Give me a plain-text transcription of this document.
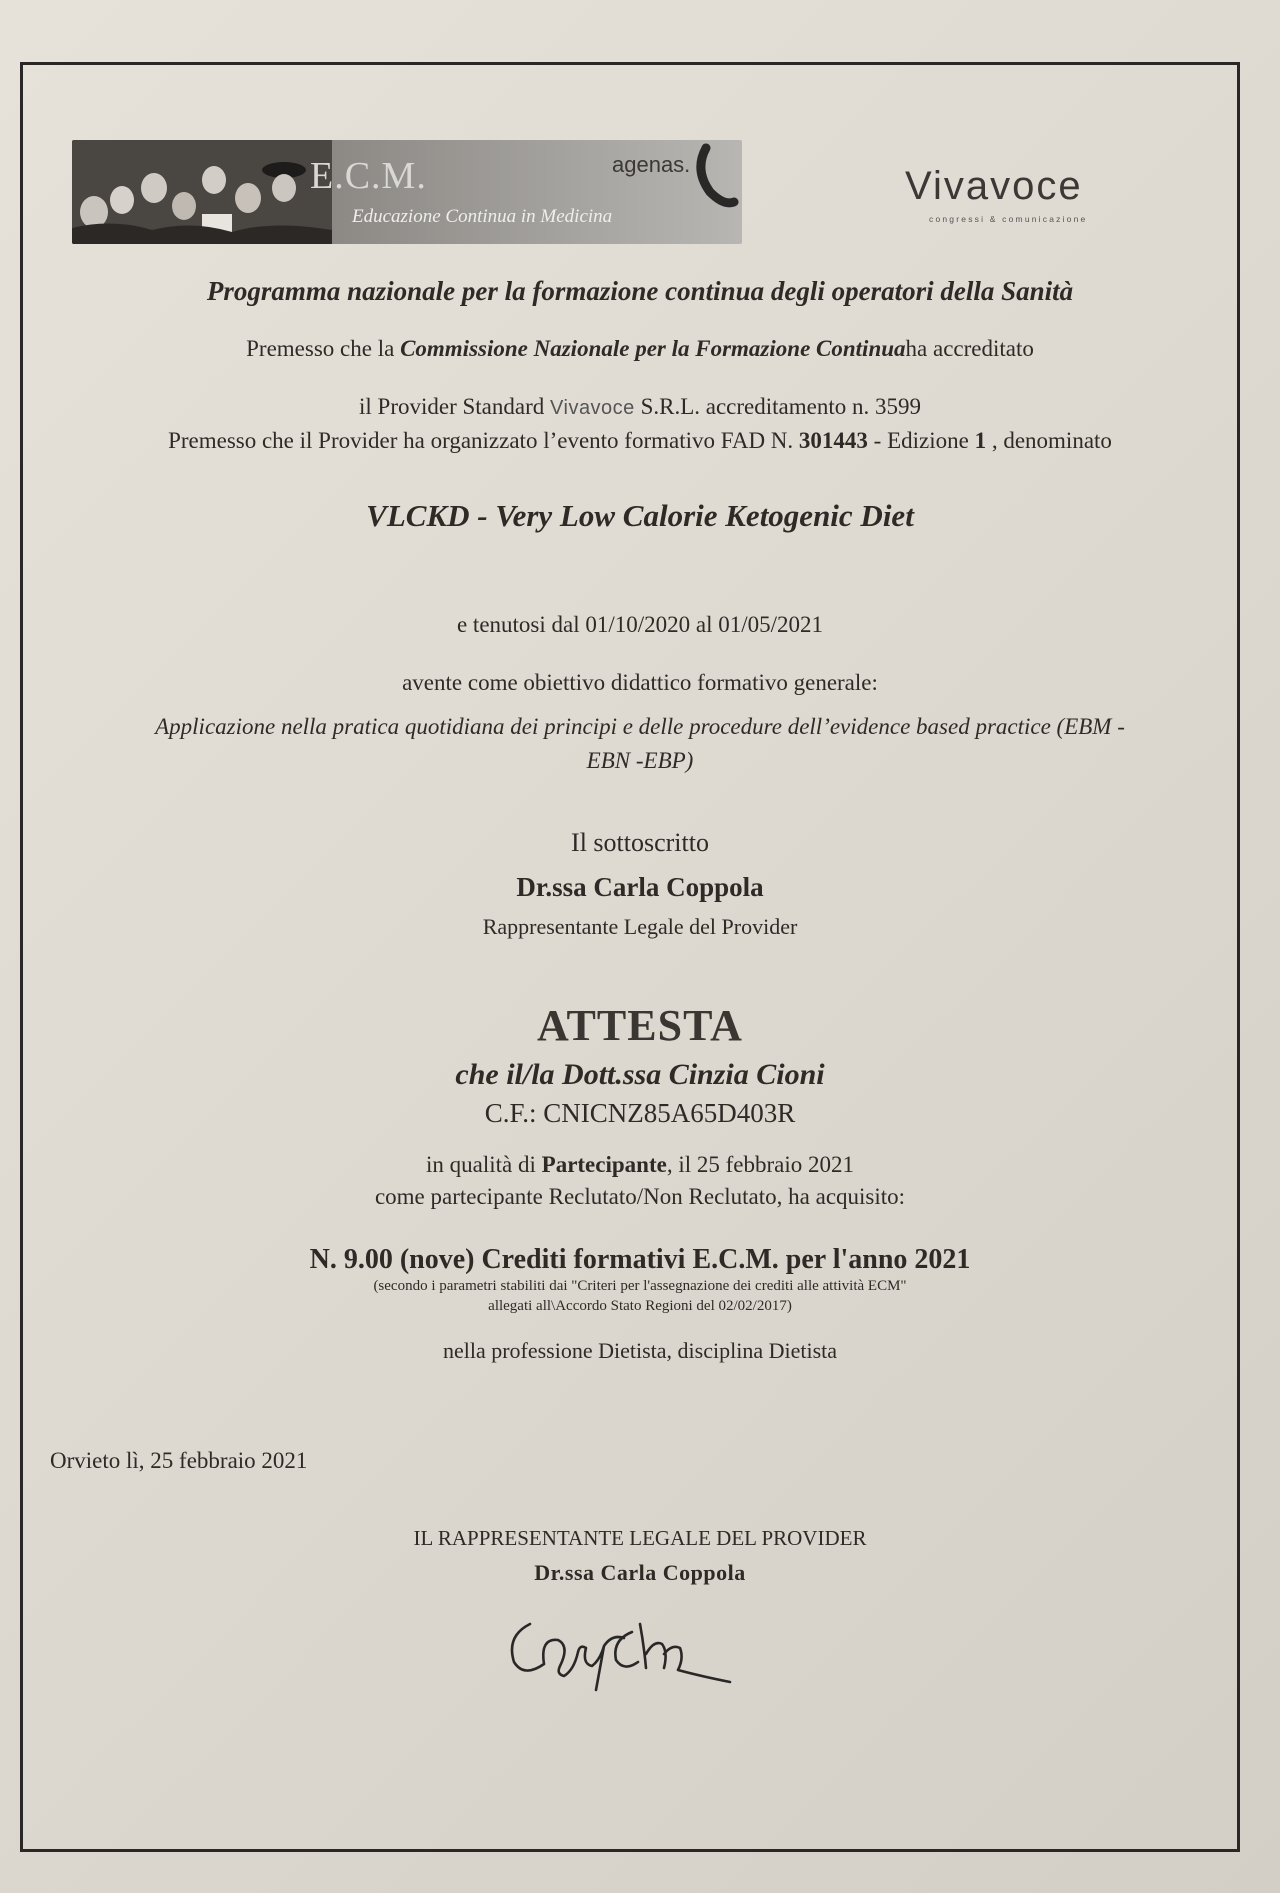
E.C.M.
Educazione Continua in Medicina
agenas.	Vivavoce
congressi & comunicazione
Programma nazionale per la formazione continua degli operatori della Sanità
Premesso che la Commissione Nazionale per la Formazione Continuaha accreditato
il Provider Standard Vivavoce S.R.L. accreditamento n. 3599
Premesso che il Provider ha organizzato l’evento formativo FAD N. 301443 - Edizione 1 , denominato
VLCKD - Very Low Calorie Ketogenic Diet
e tenutosi dal 01/10/2020 al 01/05/2021
avente come obiettivo didattico formativo generale:
Applicazione nella pratica quotidiana dei principi e delle procedure dell’evidence based practice (EBM -
EBN -EBP)
Il sottoscritto
Dr.ssa Carla Coppola
Rappresentante Legale del Provider
ATTESTA
che il/la Dott.ssa Cinzia Cioni
C.F.: CNICNZ85A65D403R
in qualità di Partecipante, il 25 febbraio 2021
come partecipante Reclutato/Non Reclutato, ha acquisito:
N. 9.00 (nove) Crediti formativi E.C.M. per l'anno 2021
(secondo i parametri stabiliti dai "Criteri per l'assegnazione dei crediti alle attività ECM"
allegati all\Accordo Stato Regioni del 02/02/2017)
nella professione Dietista, disciplina Dietista
Orvieto lì, 25 febbraio 2021
IL RAPPRESENTANTE LEGALE DEL PROVIDER
Dr.ssa Carla Coppola
